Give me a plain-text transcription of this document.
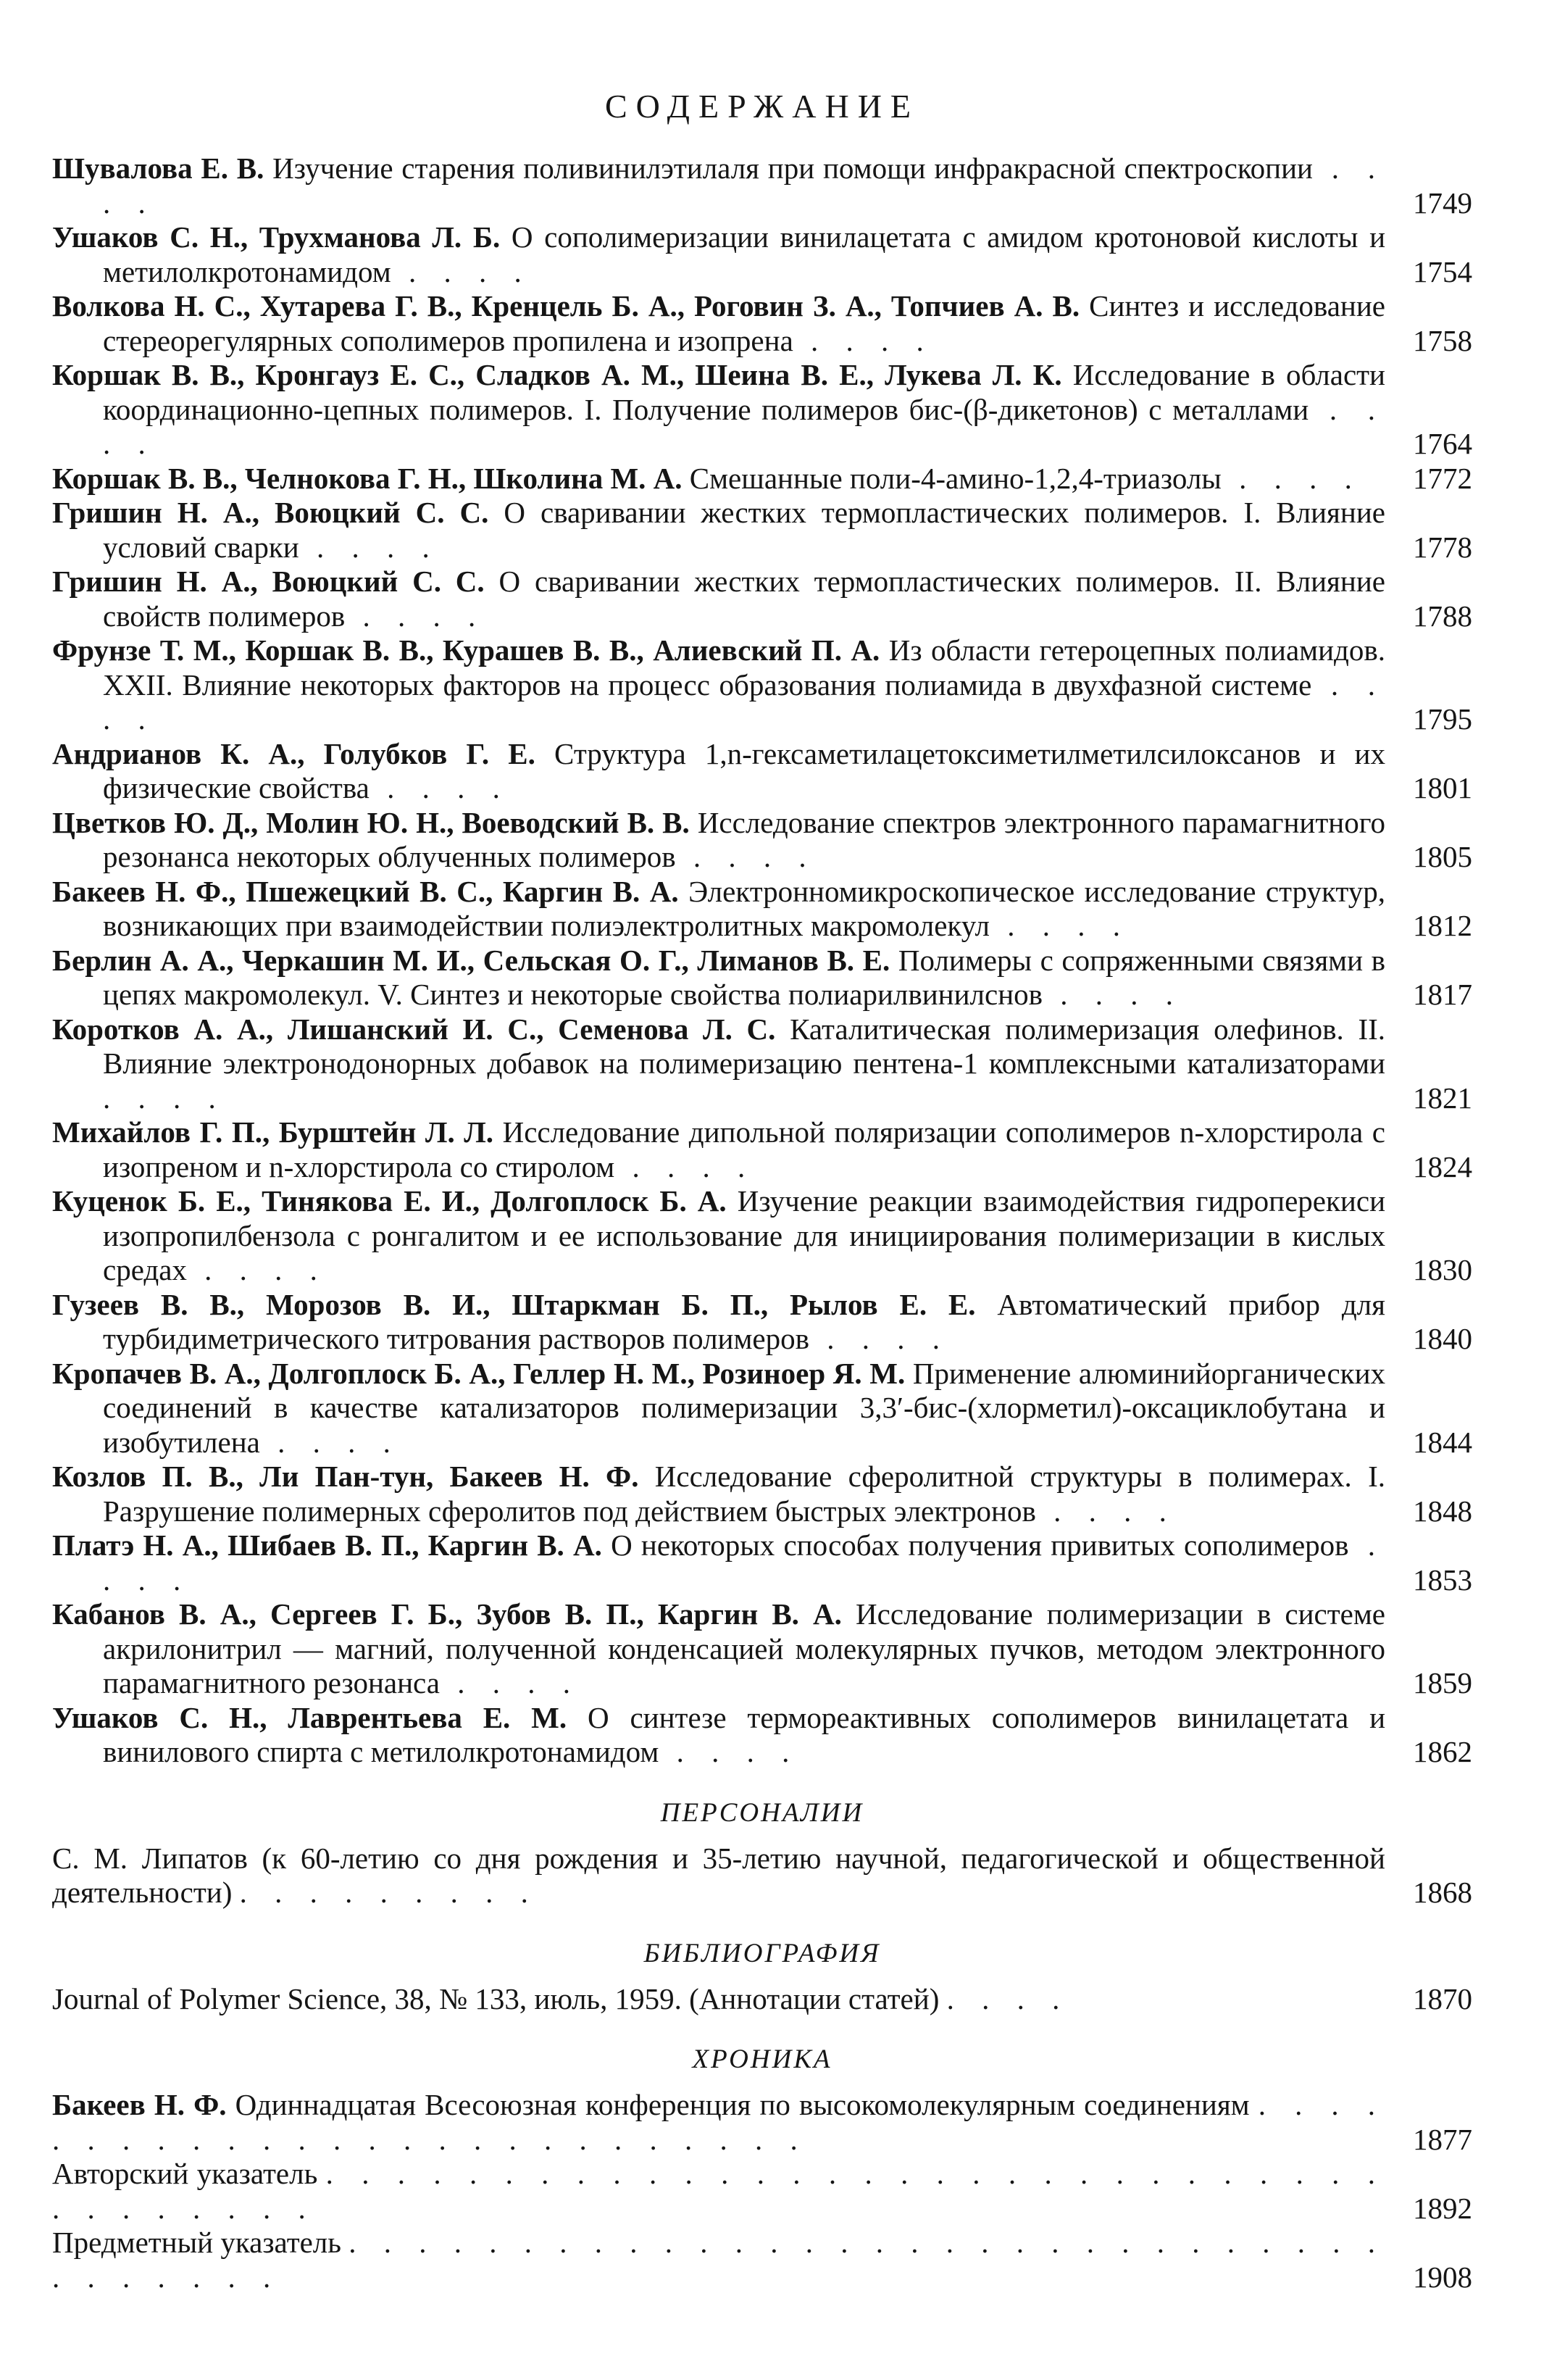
СОДЕРЖАНИЕ
Шувалова Е. В. Изучение старения поливинилэтилаля при помощи инфракрасной спектроскопии . . . .	1749
Ушаков С. Н., Трухманова Л. Б. О сополимеризации винилацетата с амидом кротоновой кислоты и метилолкротонамидом . . . .	1754
Волкова Н. С., Хутарева Г. В., Кренцель Б. А., Роговин З. А., Топчиев А. В. Синтез и исследование стереорегулярных сополимеров пропилена и изопрена . . . .	1758
Коршак В. В., Кронгауз Е. С., Сладков А. М., Шеина В. Е., Лукева Л. К. Исследование в области координационно-цепных полимеров. I. Получение полимеров бис-(β-дикетонов) с металлами . . . .	1764
Коршак В. В., Челнокова Г. Н., Школина М. А. Смешанные поли-4-амино-1,2,4-триазолы . . . .	1772
Гришин Н. А., Воюцкий С. С. О сваривании жестких термопластических полимеров. I. Влияние условий сварки . . . .	1778
Гришин Н. А., Воюцкий С. С. О сваривании жестких термопластических полимеров. II. Влияние свойств полимеров . . . .	1788
Фрунзе Т. М., Коршак В. В., Курашев В. В., Алиевский П. А. Из области гетероцепных полиамидов. XXII. Влияние некоторых факторов на процесс образования полиамида в двухфазной системе . . . .	1795
Андрианов К. А., Голубков Г. Е. Структура 1,n-гексаметилацетоксиметилметилсилоксанов и их физические свойства . . . .	1801
Цветков Ю. Д., Молин Ю. Н., Воеводский В. В. Исследование спектров электронного парамагнитного резонанса некоторых облученных полимеров . . . .	1805
Бакеев Н. Ф., Пшежецкий В. С., Каргин В. А. Электронномикроскопическое исследование структур, возникающих при взаимодействии полиэлектролитных макромолекул . . . .	1812
Берлин А. А., Черкашин М. И., Сельская О. Г., Лиманов В. Е. Полимеры с сопряженными связями в цепях макромолекул. V. Синтез и некоторые свойства полиарилвинилснов . . . .	1817
Коротков А. А., Лишанский И. С., Семенова Л. С. Каталитическая полимеризация олефинов. II. Влияние электронодонорных добавок на полимеризацию пентена-1 комплексными катализаторами . . . .	1821
Михайлов Г. П., Бурштейн Л. Л. Исследование дипольной поляризации сополимеров n-хлорстирола с изопреном и n-хлорстирола со стиролом . . . .	1824
Куценок Б. Е., Тинякова Е. И., Долгоплоск Б. А. Изучение реакции взаимодействия гидроперекиси изопропилбензола с ронгалитом и ее использование для инициирования полимеризации в кислых средах . . . .	1830
Гузеев В. В., Морозов В. И., Штаркман Б. П., Рылов Е. Е. Автоматический прибор для турбидиметрического титрования растворов полимеров . . . .	1840
Кропачев В. А., Долгоплоск Б. А., Геллер Н. М., Розиноер Я. М. Применение алюминийорганических соединений в качестве катализаторов полимеризации 3,3′-бис-(хлорметил)-оксациклобутана и изобутилена . . . .	1844
Козлов П. В., Ли Пан-тун, Бакеев Н. Ф. Исследование сферолитной структуры в полимерах. I. Разрушение полимерных сферолитов под действием быстрых электронов . . . .	1848
Платэ Н. А., Шибаев В. П., Каргин В. А. О некоторых способах получения привитых сополимеров . . . .	1853
Кабанов В. А., Сергеев Г. Б., Зубов В. П., Каргин В. А. Исследование полимеризации в системе акрилонитрил — магний, полученной конденсацией молекулярных пучков, методом электронного парамагнитного резонанса . . . .	1859
Ушаков С. Н., Лаврентьева Е. М. О синтезе термореактивных сополимеров винилацетата и винилового спирта с метилолкротонамидом . . . .	1862
ПЕРСОНАЛИИ
С. М. Липатов (к 60-летию со дня рождения и 35-летию научной, педагогической и общественной деятельности) . . . . . . . . .	1868
БИБЛИОГРАФИЯ
Journal of Polymer Science, 38, № 133, июль, 1959. (Аннотации статей) . . . .	1870
ХРОНИКА
Бакеев Н. Ф. Одиннадцатая Всесоюзная конференция по высокомолекулярным соединениям . . . . . . . . . . . . . . . . . . . . . . . . . .	1877
Авторский указатель . . . . . . . . . . . . . . . . . . . . . . . . . . . . . . . . . . . . . .	1892
Предметный указатель . . . . . . . . . . . . . . . . . . . . . . . . . . . . . . . . . . . . .	1908
